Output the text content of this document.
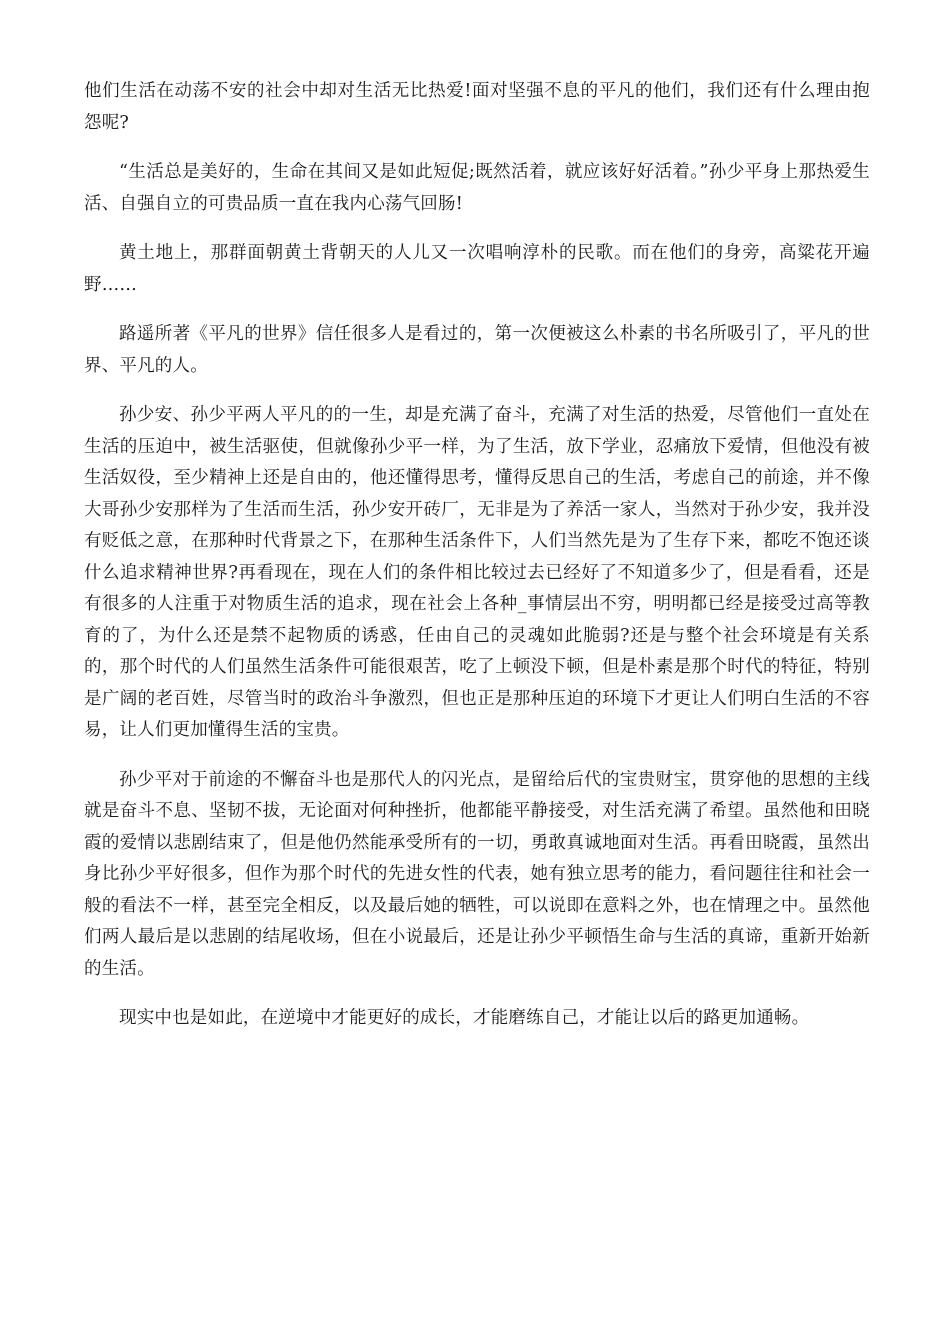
他们生活在动荡不安的社会中却对生活无比热爱!面对坚强不息的平凡的他们，我们还有什么理由抱怨呢?

“生活总是美好的，生命在其间又是如此短促;既然活着，就应该好好活着。”孙少平身上那热爱生活、自强自立的可贵品质一直在我内心荡气回肠!

黄土地上，那群面朝黄土背朝天的人儿又一次唱响淳朴的民歌。而在他们的身旁，高粱花开遍野……

路遥所著《平凡的世界》信任很多人是看过的，第一次便被这么朴素的书名所吸引了，平凡的世界、平凡的人。

孙少安、孙少平两人平凡的的一生，却是充满了奋斗，充满了对生活的热爱，尽管他们一直处在生活的压迫中，被生活驱使，但就像孙少平一样，为了生活，放下学业，忍痛放下爱情，但他没有被生活奴役，至少精神上还是自由的，他还懂得思考，懂得反思自己的生活，考虑自己的前途，并不像大哥孙少安那样为了生活而生活，孙少安开砖厂，无非是为了养活一家人，当然对于孙少安，我并没有贬低之意，在那种时代背景之下，在那种生活条件下，人们当然先是为了生存下来，都吃不饱还谈什么追求精神世界?再看现在，现在人们的条件相比较过去已经好了不知道多少了，但是看看，还是有很多的人注重于对物质生活的追求，现在社会上各种_事情层出不穷，明明都已经是接受过高等教育的了，为什么还是禁不起物质的诱惑，任由自己的灵魂如此脆弱?还是与整个社会环境是有关系的，那个时代的人们虽然生活条件可能很艰苦，吃了上顿没下顿，但是朴素是那个时代的特征，特别是广阔的老百姓，尽管当时的政治斗争激烈，但也正是那种压迫的环境下才更让人们明白生活的不容易，让人们更加懂得生活的宝贵。

孙少平对于前途的不懈奋斗也是那代人的闪光点，是留给后代的宝贵财宝，贯穿他的思想的主线就是奋斗不息、坚韧不拔，无论面对何种挫折，他都能平静接受，对生活充满了希望。虽然他和田晓霞的爱情以悲剧结束了，但是他仍然能承受所有的一切，勇敢真诚地面对生活。再看田晓霞，虽然出身比孙少平好很多，但作为那个时代的先进女性的代表，她有独立思考的能力，看问题往往和社会一般的看法不一样，甚至完全相反，以及最后她的牺牲，可以说即在意料之外，也在情理之中。虽然他们两人最后是以悲剧的结尾收场，但在小说最后，还是让孙少平顿悟生命与生活的真谛，重新开始新的生活。

现实中也是如此，在逆境中才能更好的成长，才能磨练自己，才能让以后的路更加通畅。
